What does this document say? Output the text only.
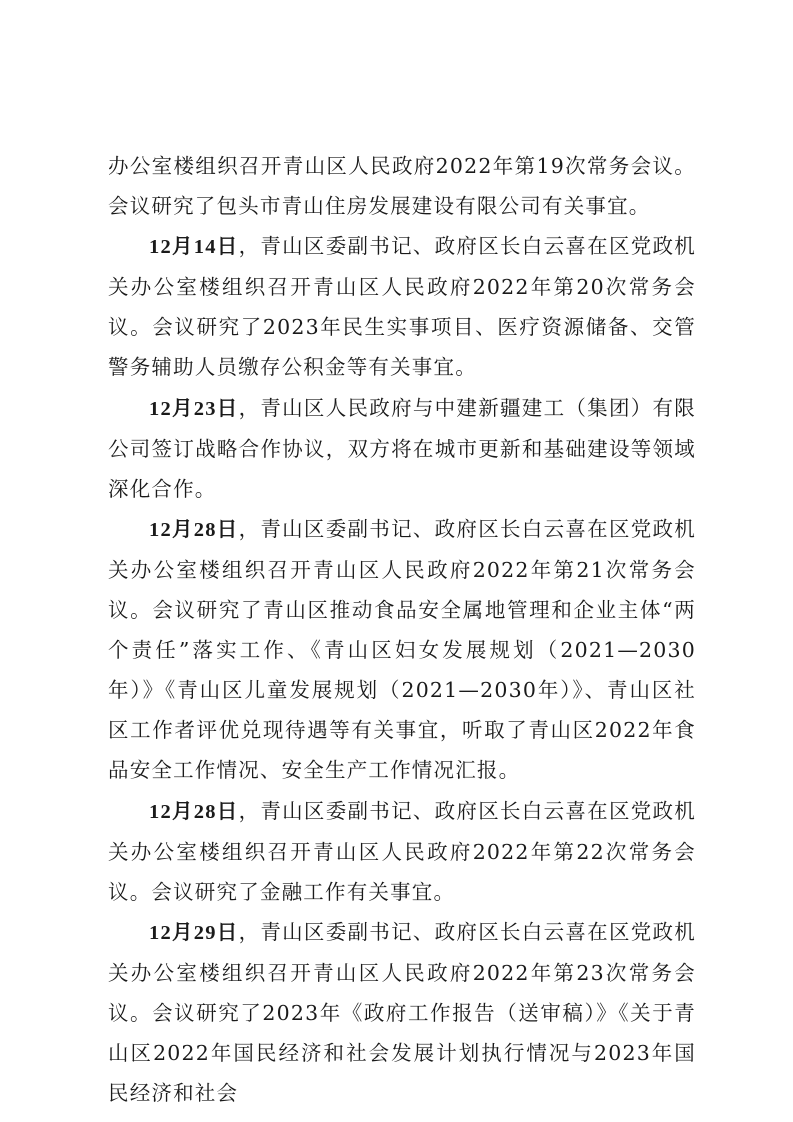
办公室楼组织召开青山区人民政府2022年第19次常务会议。会议研究了包头市青山住房发展建设有限公司有关事宜。

12月14日，青山区委副书记、政府区长白云喜在区党政机关办公室楼组织召开青山区人民政府2022年第20次常务会议。会议研究了2023年民生实事项目、医疗资源储备、交管警务辅助人员缴存公积金等有关事宜。

12月23日，青山区人民政府与中建新疆建工（集团）有限公司签订战略合作协议，双方将在城市更新和基础建设等领域深化合作。

12月28日，青山区委副书记、政府区长白云喜在区党政机关办公室楼组织召开青山区人民政府2022年第21次常务会议。会议研究了青山区推动食品安全属地管理和企业主体“两个责任”落实工作、《青山区妇女发展规划（2021—2030年）》《青山区儿童发展规划（2021—2030年）》、青山区社区工作者评优兑现待遇等有关事宜，听取了青山区2022年食品安全工作情况、安全生产工作情况汇报。

12月28日，青山区委副书记、政府区长白云喜在区党政机关办公室楼组织召开青山区人民政府2022年第22次常务会议。会议研究了金融工作有关事宜。

12月29日，青山区委副书记、政府区长白云喜在区党政机关办公室楼组织召开青山区人民政府2022年第23次常务会议。会议研究了2023年《政府工作报告（送审稿）》《关于青山区2022年国民经济和社会发展计划执行情况与2023年国民经济和社会
